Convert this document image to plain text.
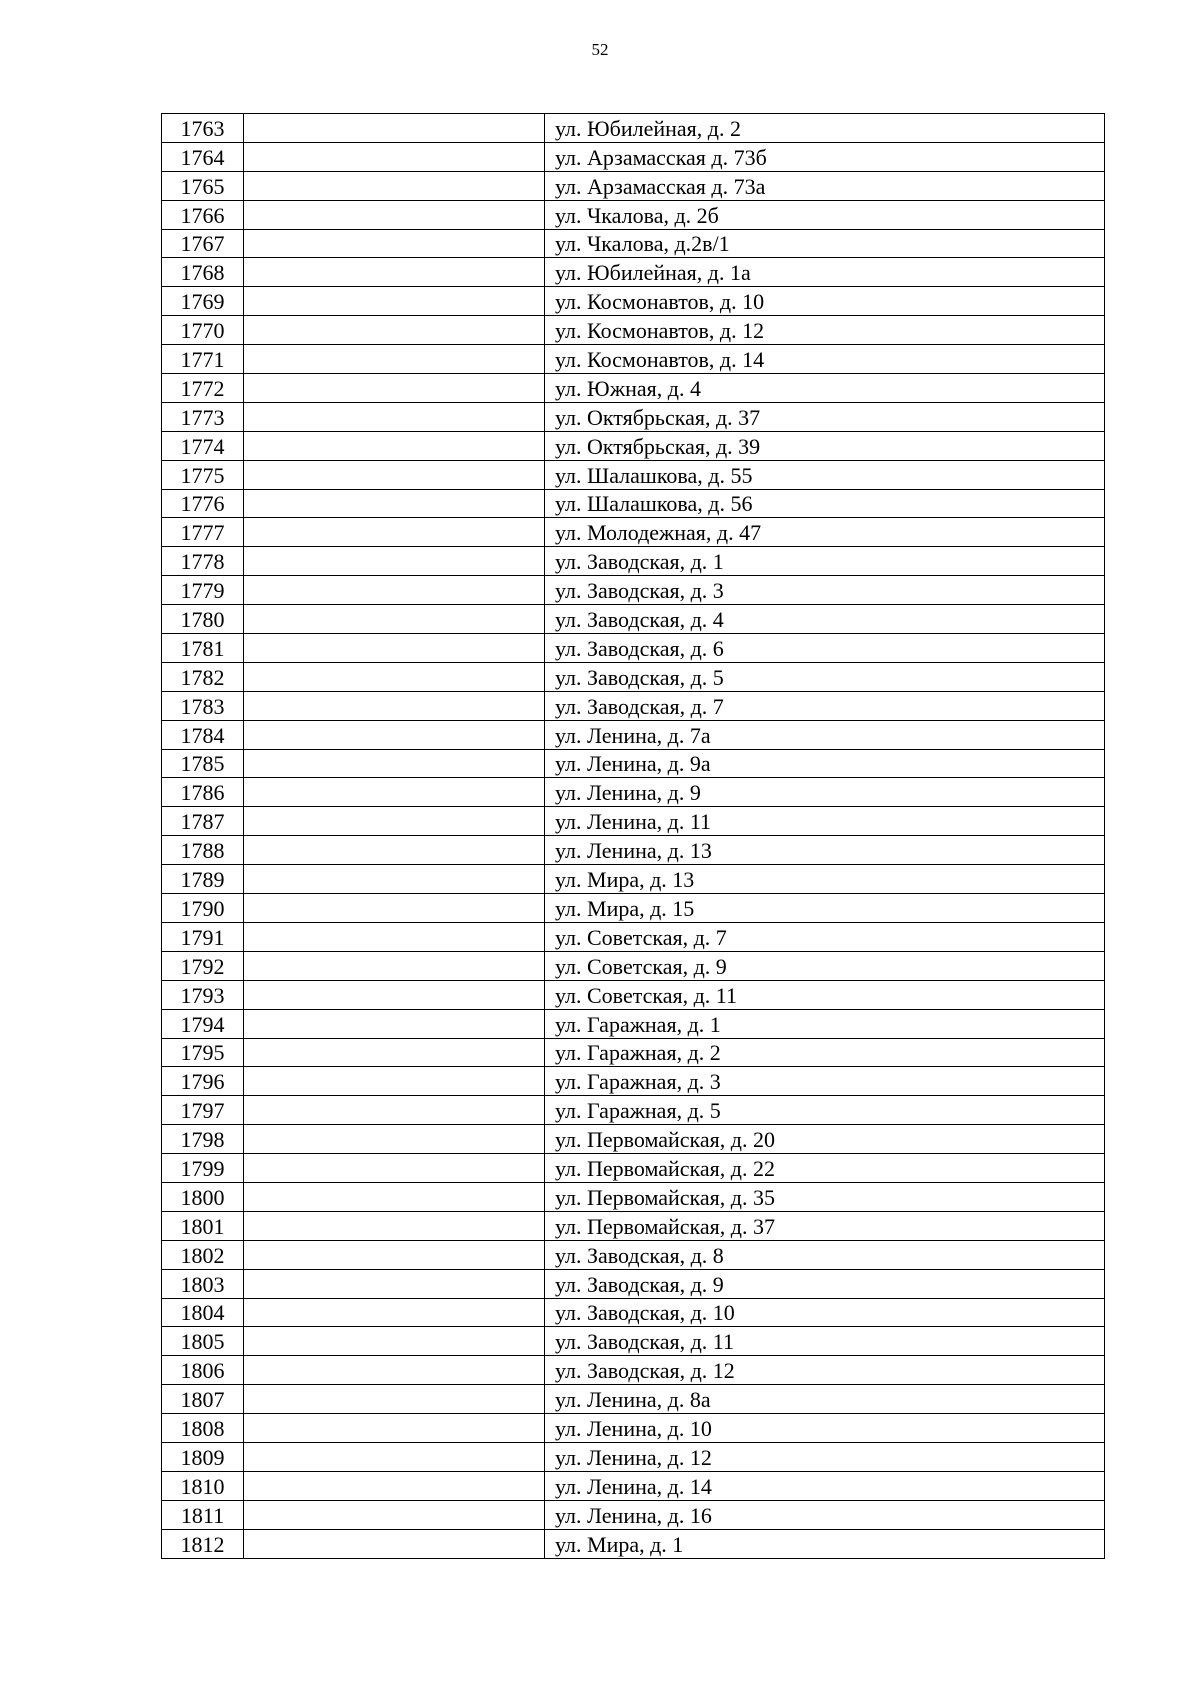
52
1763		ул. Юбилейная, д. 2
1764		ул. Арзамасская д. 73б
1765		ул. Арзамасская д. 73а
1766		ул. Чкалова, д. 2б
1767		ул. Чкалова, д.2в/1
1768		ул. Юбилейная, д. 1а
1769		ул. Космонавтов, д. 10
1770		ул. Космонавтов, д. 12
1771		ул. Космонавтов, д. 14
1772		ул. Южная, д. 4
1773		ул. Октябрьская, д. 37
1774		ул. Октябрьская, д. 39
1775		ул. Шалашкова, д. 55
1776		ул. Шалашкова, д. 56
1777		ул. Молодежная, д. 47
1778		ул. Заводская, д. 1
1779		ул. Заводская, д. 3
1780		ул. Заводская, д. 4
1781		ул. Заводская, д. 6
1782		ул. Заводская, д. 5
1783		ул. Заводская, д. 7
1784		ул. Ленина, д. 7а
1785		ул. Ленина, д. 9а
1786		ул. Ленина, д. 9
1787		ул. Ленина, д. 11
1788		ул. Ленина, д. 13
1789		ул. Мира, д. 13
1790		ул. Мира, д. 15
1791		ул. Советская, д. 7
1792		ул. Советская, д. 9
1793		ул. Советская, д. 11
1794		ул. Гаражная, д. 1
1795		ул. Гаражная, д. 2
1796		ул. Гаражная, д. 3
1797		ул. Гаражная, д. 5
1798		ул. Первомайская, д. 20
1799		ул. Первомайская, д. 22
1800		ул. Первомайская, д. 35
1801		ул. Первомайская, д. 37
1802		ул. Заводская, д. 8
1803		ул. Заводская, д. 9
1804		ул. Заводская, д. 10
1805		ул. Заводская, д. 11
1806		ул. Заводская, д. 12
1807		ул. Ленина, д. 8а
1808		ул. Ленина, д. 10
1809		ул. Ленина, д. 12
1810		ул. Ленина, д. 14
1811		ул. Ленина, д. 16
1812		ул. Мира, д. 1
